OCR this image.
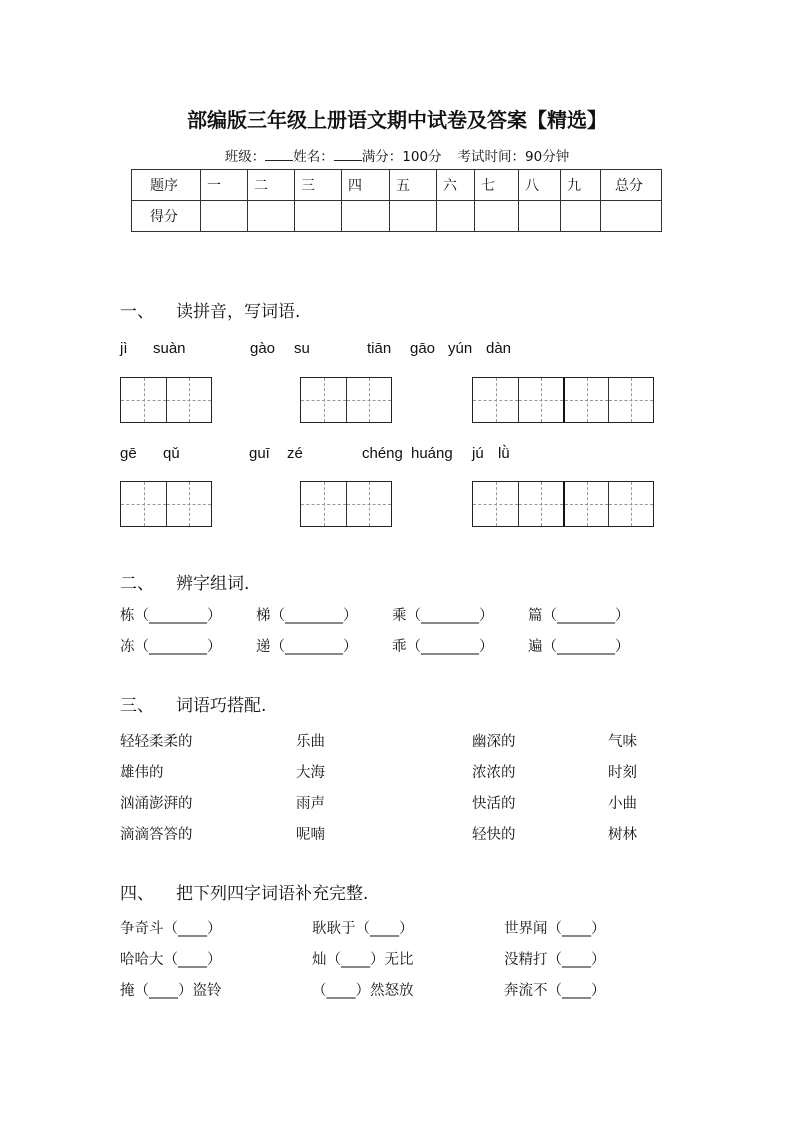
部编版三年级上册语文期中试卷及答案【精选】
班级： 姓名： 满分：100分 考试时间：90分钟
题序	一	二	三	四	五	六	七	八	九	总分
得分										
一、 读拼音，写词语.
jì suàn	gào su	tiān gāo yún dàn
gē qǔ	guī zé	chéng huáng jú lǜ
二、 辨字组词.
栋（________） 梯（________） 乘（________） 篇（________）
冻（________） 递（________） 乖（________） 遍（________）
三、 词语巧搭配.
轻轻柔柔的	乐曲	幽深的	气味
雄伟的	大海	浓浓的	时刻
汹涌澎湃的	雨声	快活的	小曲
滴滴答答的	呢喃	轻快的	树林
四、 把下列四字词语补充完整.
争奇斗（____）	耿耿于（____）	世界闻（____）
哈哈大（____）	灿（____）无比	没精打（____）
掩（____）盗铃	（____）然怒放	奔流不（____）
